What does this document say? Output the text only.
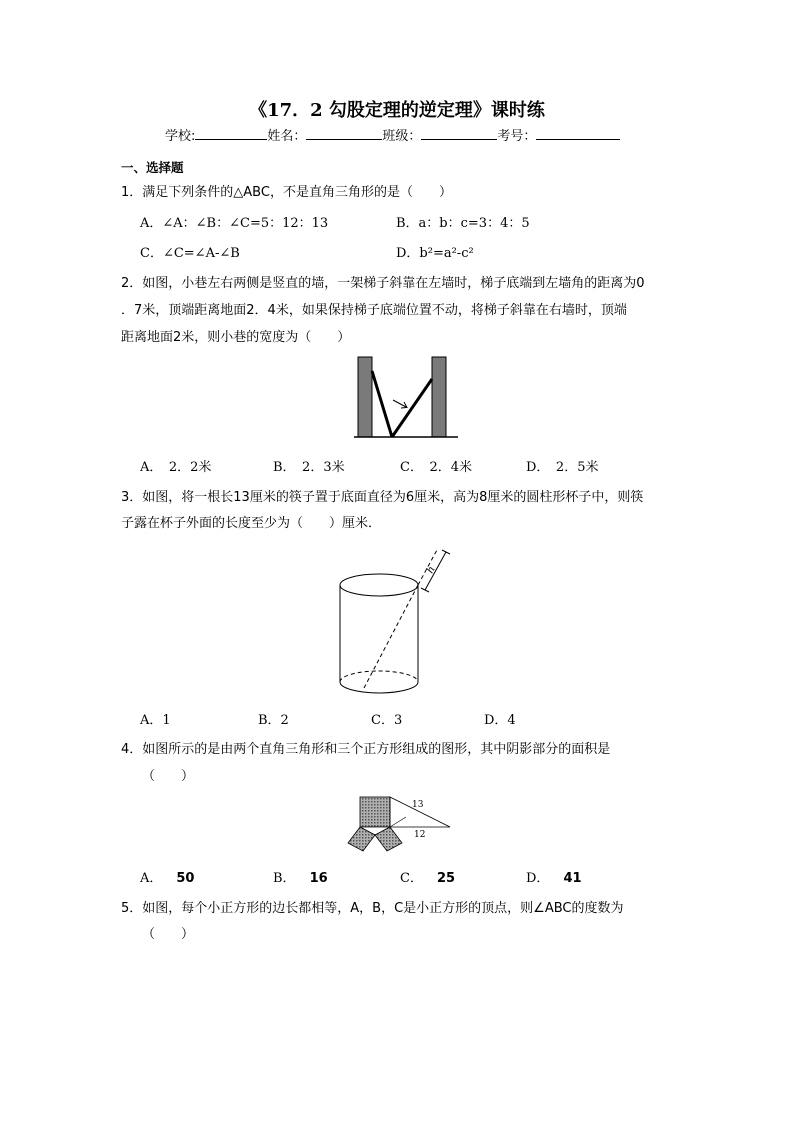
《17．2 勾股定理的逆定理》课时练
学校:	姓名：	班级：	考号：
一、选择题
1．满足下列条件的△ABC，不是直角三角形的是（　　）
A．∠A：∠B：∠C=5：12：13	B．a：b：c=3：4：5
C．∠C=∠A-∠B	D．b²=a²-c²
2．如图，小巷左右两侧是竖直的墙，一架梯子斜靠在左墙时，梯子底端到左墙角的距离为0
．7米，顶端距离地面2．4米，如果保持梯子底端位置不动，将梯子斜靠在右墙时，顶端
距离地面2米，则小巷的宽度为（　　）
A．　2．2米	B．　2．3米	C．　2．4米	D．　2．5米
3．如图，将一根长13厘米的筷子置于底面直径为6厘米，高为8厘米的圆柱形杯子中，则筷
子露在杯子外面的长度至少为（　　）厘米．
h
A．1	B．2	C．3	D．4
4．如图所示的是由两个直角三角形和三个正方形组成的图形，其中阴影部分的面积是
（　　）
13
12
A． 50	B． 16	C． 25	D． 41
5．如图，每个小正方形的边长都相等，A，B，C是小正方形的顶点，则∠ABC的度数为
（　　）
